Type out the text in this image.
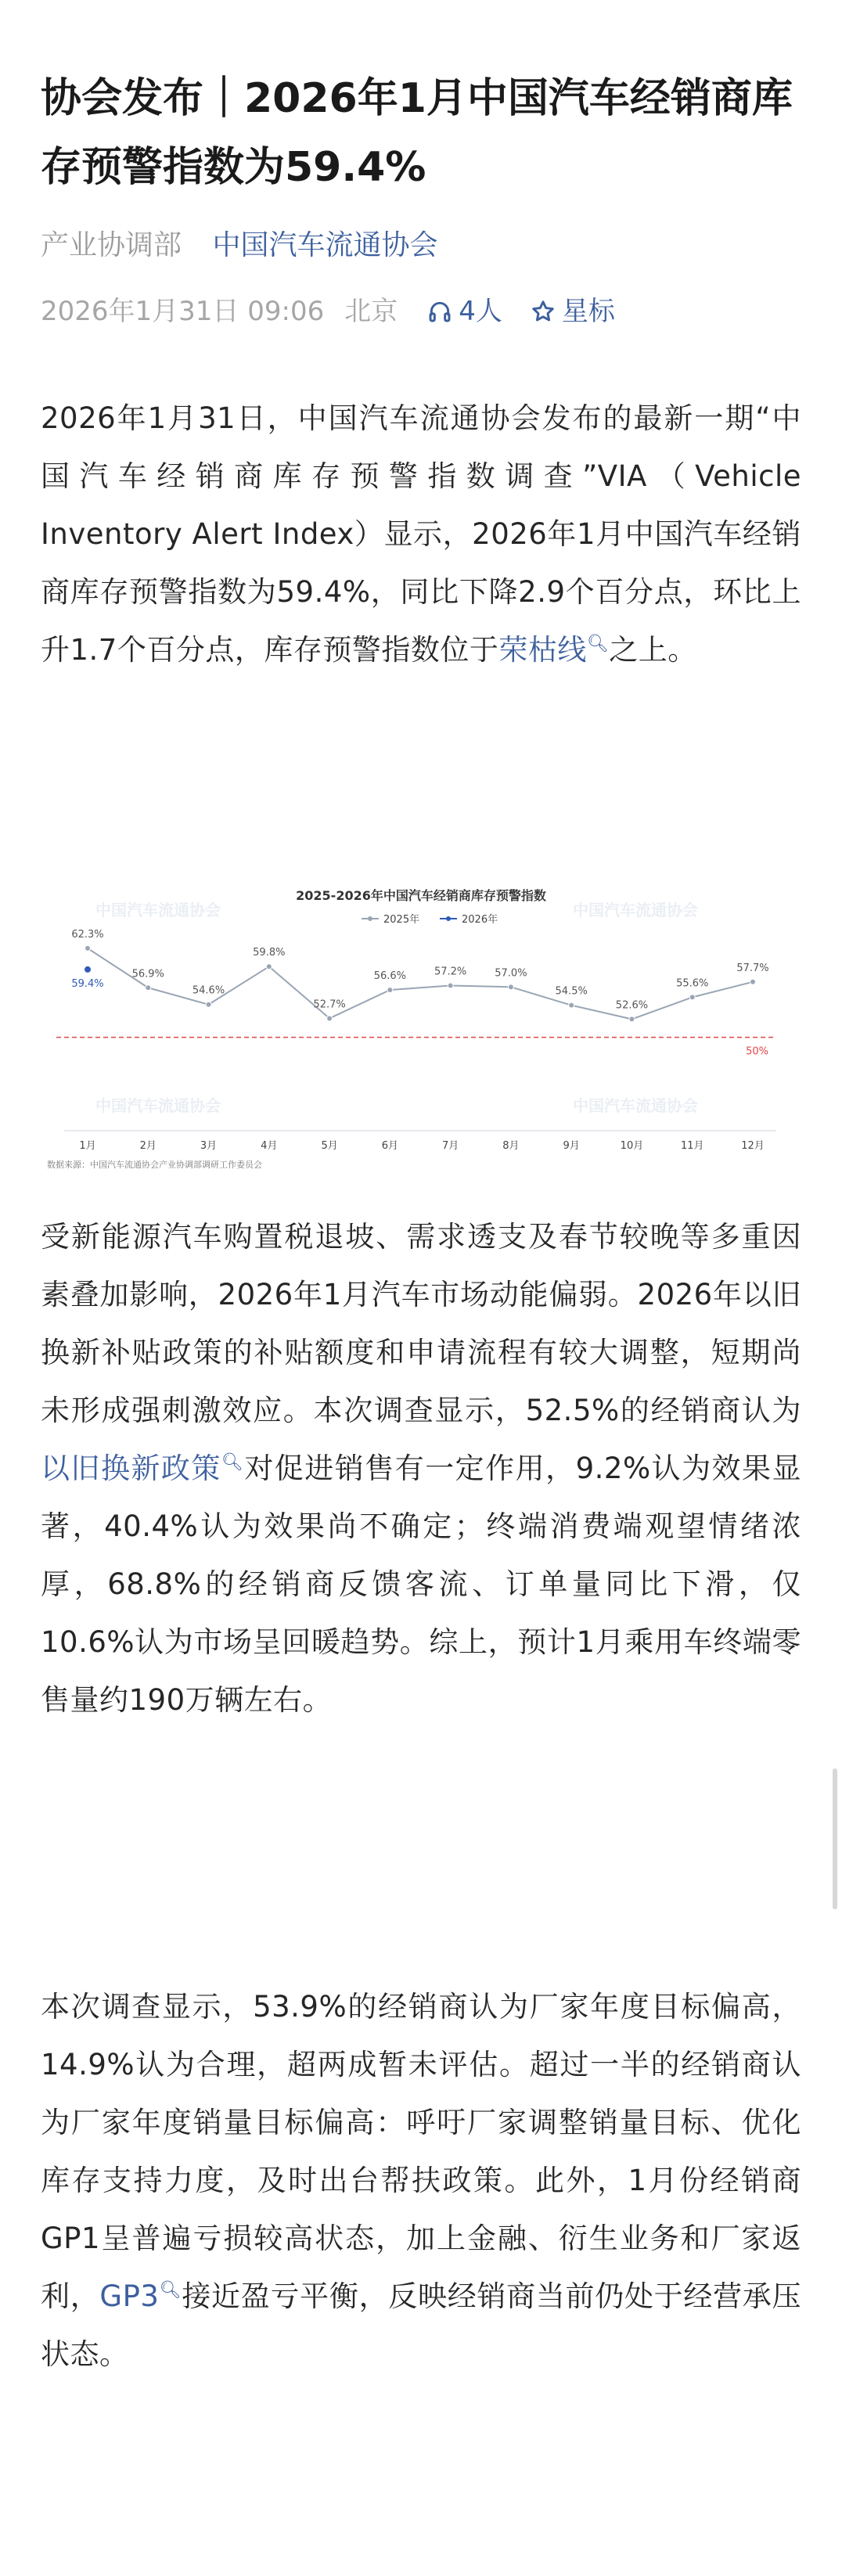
协会发布｜2026年1月中国汽车经销商库存预警指数为59.4%
产业协调部 中国汽车流通协会
2026年1月31日 09:06 北京 4人 星标

2026年1月31日，中国汽车流通协会发布的最新一期“中国汽车经销商库存预警指数调查”VIA（Vehicle Inventory Alert Index）显示，2026年1月中国汽车经销商库存预警指数为59.4%，同比下降2.9个百分点，环比上升1.7个百分点，库存预警指数位于荣枯线🔍︎之上。

中国汽车流通协会	中国汽车流通协会
中国汽车流通协会	中国汽车流通协会
2025-2026年中国汽车经销商库存预警指数
2025年	2026年
50%
62.3%
56.9%
54.6%
59.8%
52.7%
56.6%	57.2%	57.0%
54.5%
52.6%
55.6%
57.7%
59.4%
1月	2月	3月	4月	5月	6月	7月	8月	9月	10月	11月	12月
数据来源：中国汽车流通协会产业协调部调研工作委员会

受新能源汽车购置税退坡、需求透支及春节较晚等多重因素叠加影响，2026年1月汽车市场动能偏弱。2026年以旧换新补贴政策的补贴额度和申请流程有较大调整，短期尚未形成强刺激效应。本次调查显示，52.5%的经销商认为以旧换新政策🔍︎对促进销售有一定作用，9.2%认为效果显著，40.4%认为效果尚不确定；终端消费端观望情绪浓厚，68.8%的经销商反馈客流、订单量同比下滑，仅10.6%认为市场呈回暖趋势。综上，预计1月乘用车终端零售量约190万辆左右。

本次调查显示，53.9%的经销商认为厂家年度目标偏高，14.9%认为合理，超两成暂未评估。超过一半的经销商认为厂家年度销量目标偏高：呼吁厂家调整销量目标、优化库存支持力度，及时出台帮扶政策。此外，1月份经销商GP1呈普遍亏损较高状态，加上金融、衍生业务和厂家返利，GP3🔍︎接近盈亏平衡，反映经销商当前仍处于经营承压状态。
